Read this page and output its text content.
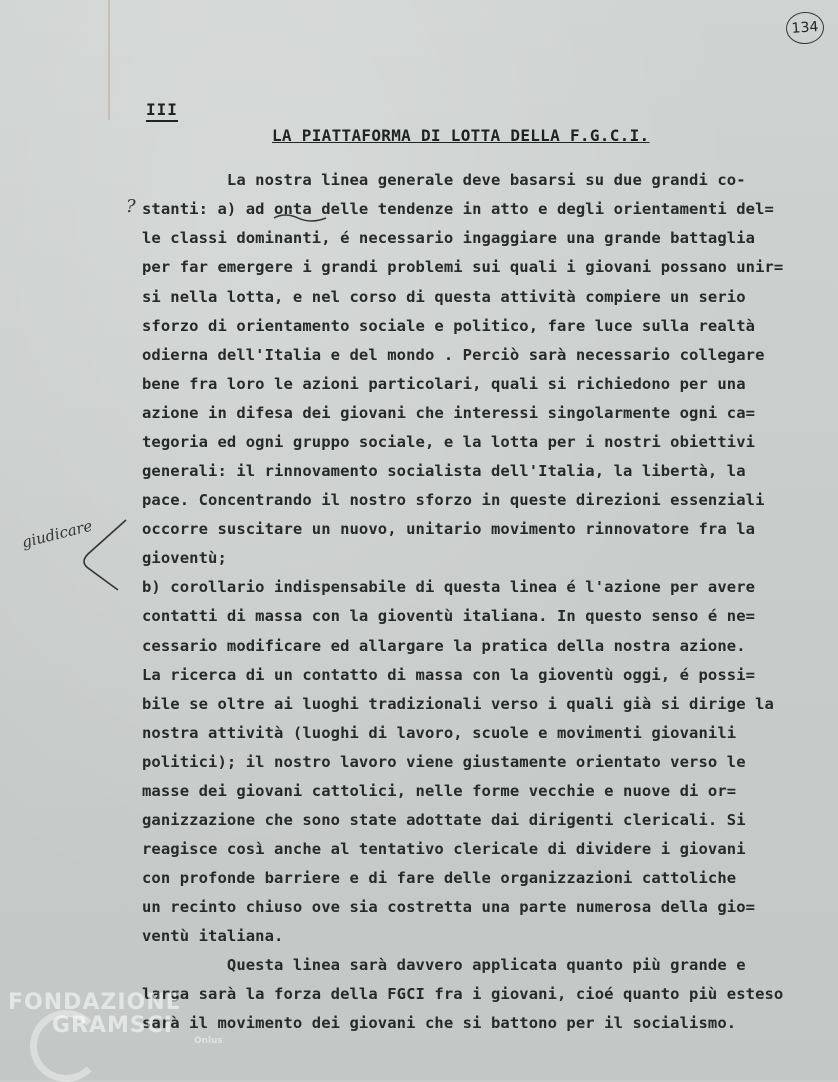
134
III
LA PIATTAFORMA DI LOTTA DELLA F.G.C.I.
?
giudicare
La nostra linea generale deve basarsi su due grandi co-
stanti: a) ad onta delle tendenze in atto e degli orientamenti del=
le classi dominanti, é necessario ingaggiare una grande battaglia
per far emergere i grandi problemi sui quali i giovani possano unir=
si nella lotta, e nel corso di questa attività compiere un serio
sforzo di orientamento sociale e politico, fare luce sulla realtà
odierna dell'Italia e del mondo . Perciò sarà necessario collegare
bene fra loro le azioni particolari, quali si richiedono per una
azione in difesa dei giovani che interessi singolarmente ogni ca=
tegoria ed ogni gruppo sociale, e la lotta per i nostri obiettivi
generali: il rinnovamento socialista dell'Italia, la libertà, la
pace. Concentrando il nostro sforzo in queste direzioni essenziali
occorre suscitare un nuovo, unitario movimento rinnovatore fra la
gioventù;
b) corollario indispensabile di questa linea é l'azione per avere
contatti di massa con la gioventù italiana. In questo senso é ne=
cessario modificare ed allargare la pratica della nostra azione.
La ricerca di un contatto di massa con la gioventù oggi, é possi=
bile se oltre ai luoghi tradizionali verso i quali già si dirige la
nostra attività (luoghi di lavoro, scuole e movimenti giovanili
politici); il nostro lavoro viene giustamente orientato verso le
masse dei giovani cattolici, nelle forme vecchie e nuove di or=
ganizzazione che sono state adottate dai dirigenti clericali. Si
reagisce così anche al tentativo clericale di dividere i giovani
con profonde barriere e di fare delle organizzazioni cattoliche
un recinto chiuso ove sia costretta una parte numerosa della gio=
ventù italiana.
Questa linea sarà davvero applicata quanto più grande e
larga sarà la forza della FGCI fra i giovani, cioé quanto più esteso
sarà il movimento dei giovani che si battono per il socialismo.
FONDAZIONE
GRAMSCI
Onlus
